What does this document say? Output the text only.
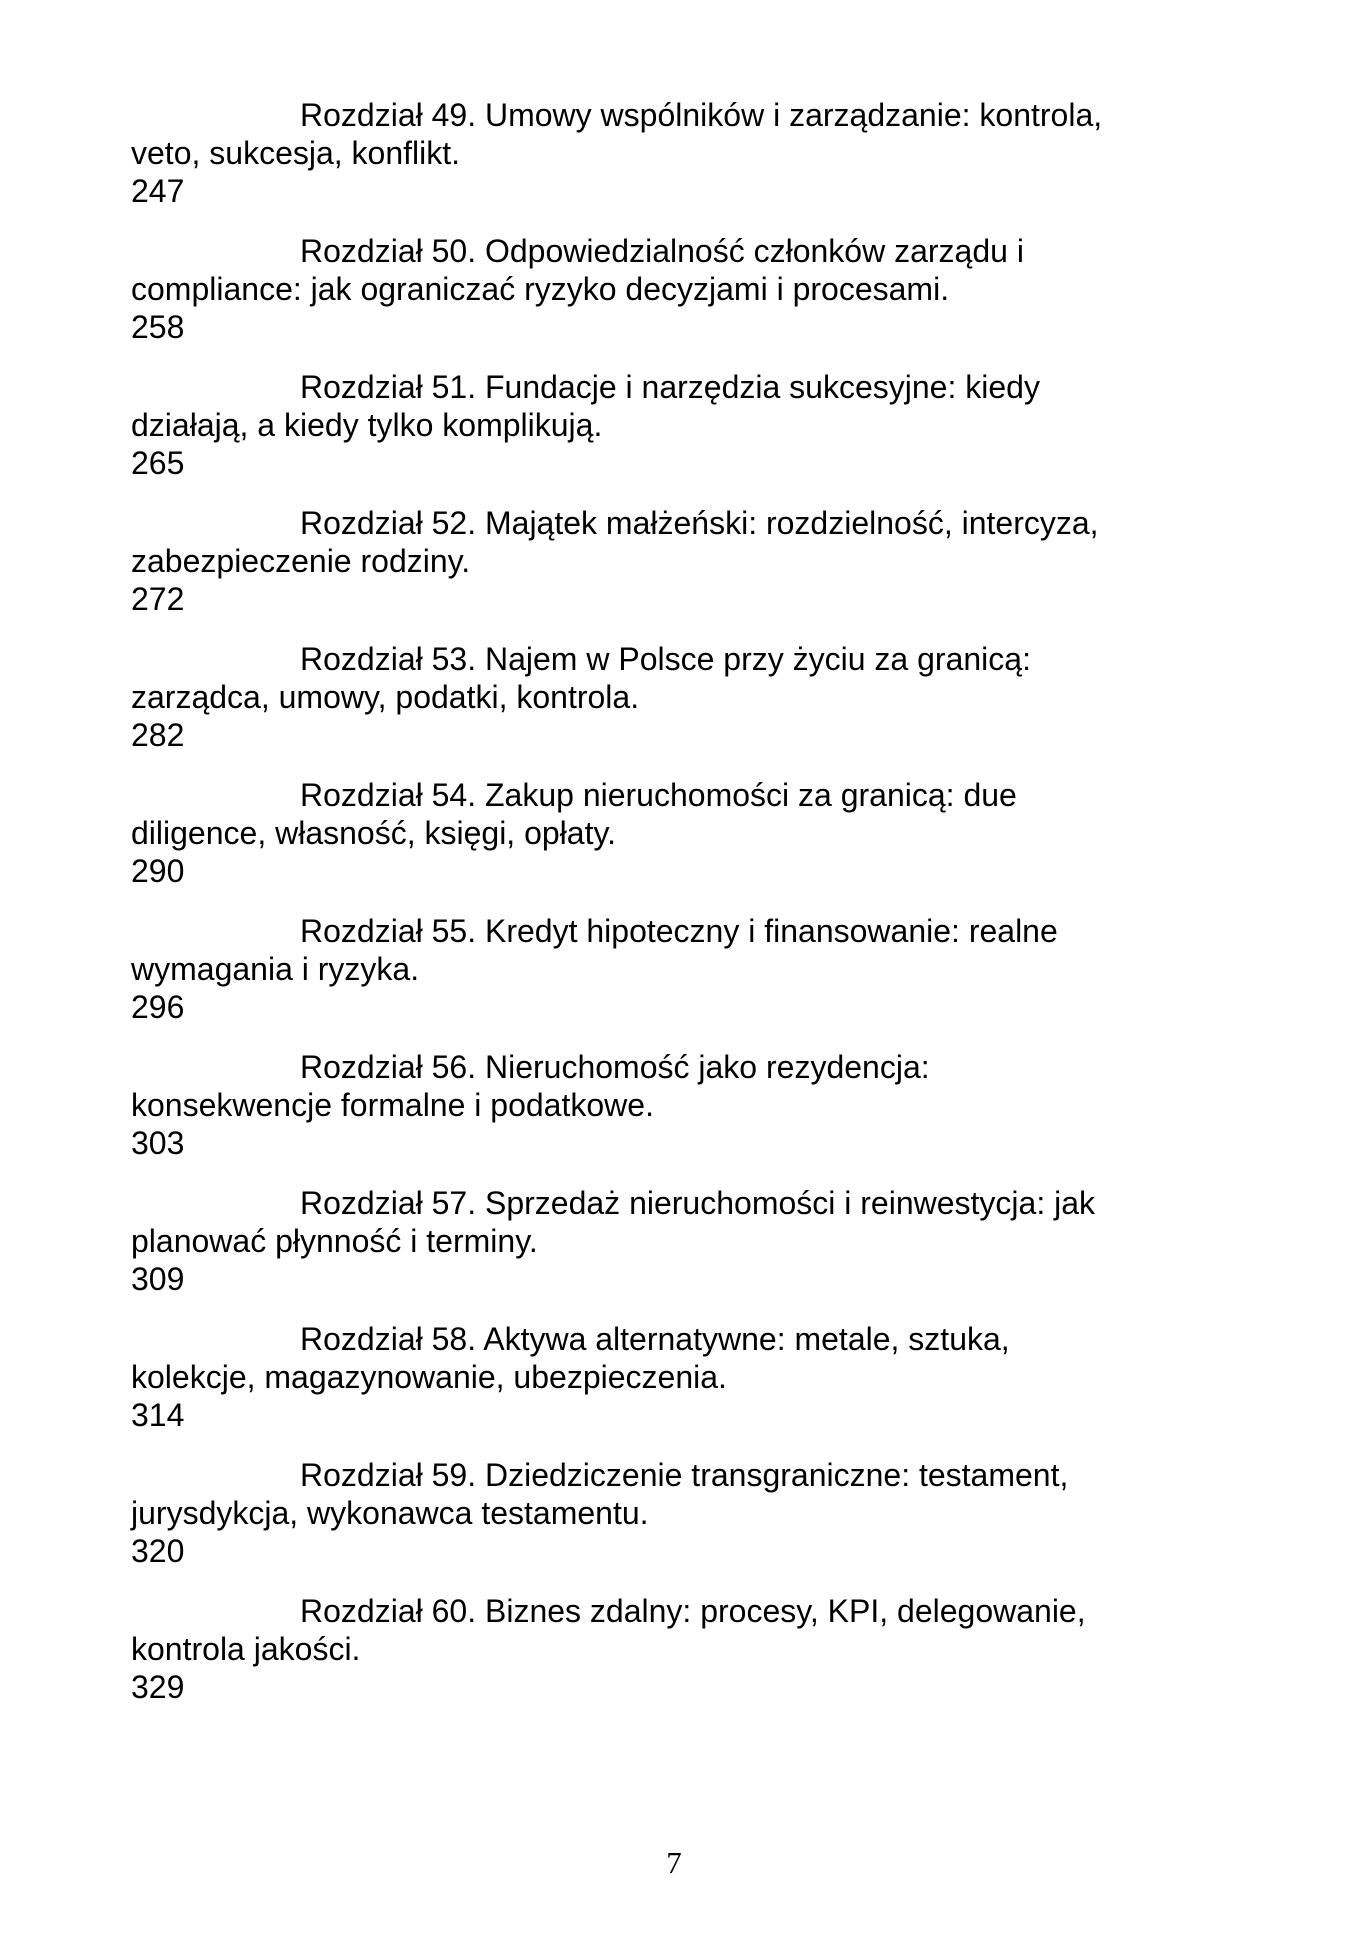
Rozdział 49. Umowy wspólników i zarządzanie: kontrola,
veto, sukcesja, konflikt.
247

Rozdział 50. Odpowiedzialność członków zarządu i
compliance: jak ograniczać ryzyko decyzjami i procesami.
258

Rozdział 51. Fundacje i narzędzia sukcesyjne: kiedy
działają, a kiedy tylko komplikują.
265

Rozdział 52. Majątek małżeński: rozdzielność, intercyza,
zabezpieczenie rodziny.
272

Rozdział 53. Najem w Polsce przy życiu za granicą:
zarządca, umowy, podatki, kontrola.
282

Rozdział 54. Zakup nieruchomości za granicą: due
diligence, własność, księgi, opłaty.
290

Rozdział 55. Kredyt hipoteczny i finansowanie: realne
wymagania i ryzyka.
296

Rozdział 56. Nieruchomość jako rezydencja:
konsekwencje formalne i podatkowe.
303

Rozdział 57. Sprzedaż nieruchomości i reinwestycja: jak
planować płynność i terminy.
309

Rozdział 58. Aktywa alternatywne: metale, sztuka,
kolekcje, magazynowanie, ubezpieczenia.
314

Rozdział 59. Dziedziczenie transgraniczne: testament,
jurysdykcja, wykonawca testamentu.
320

Rozdział 60. Biznes zdalny: procesy, KPI, delegowanie,
kontrola jakości.
329

7
